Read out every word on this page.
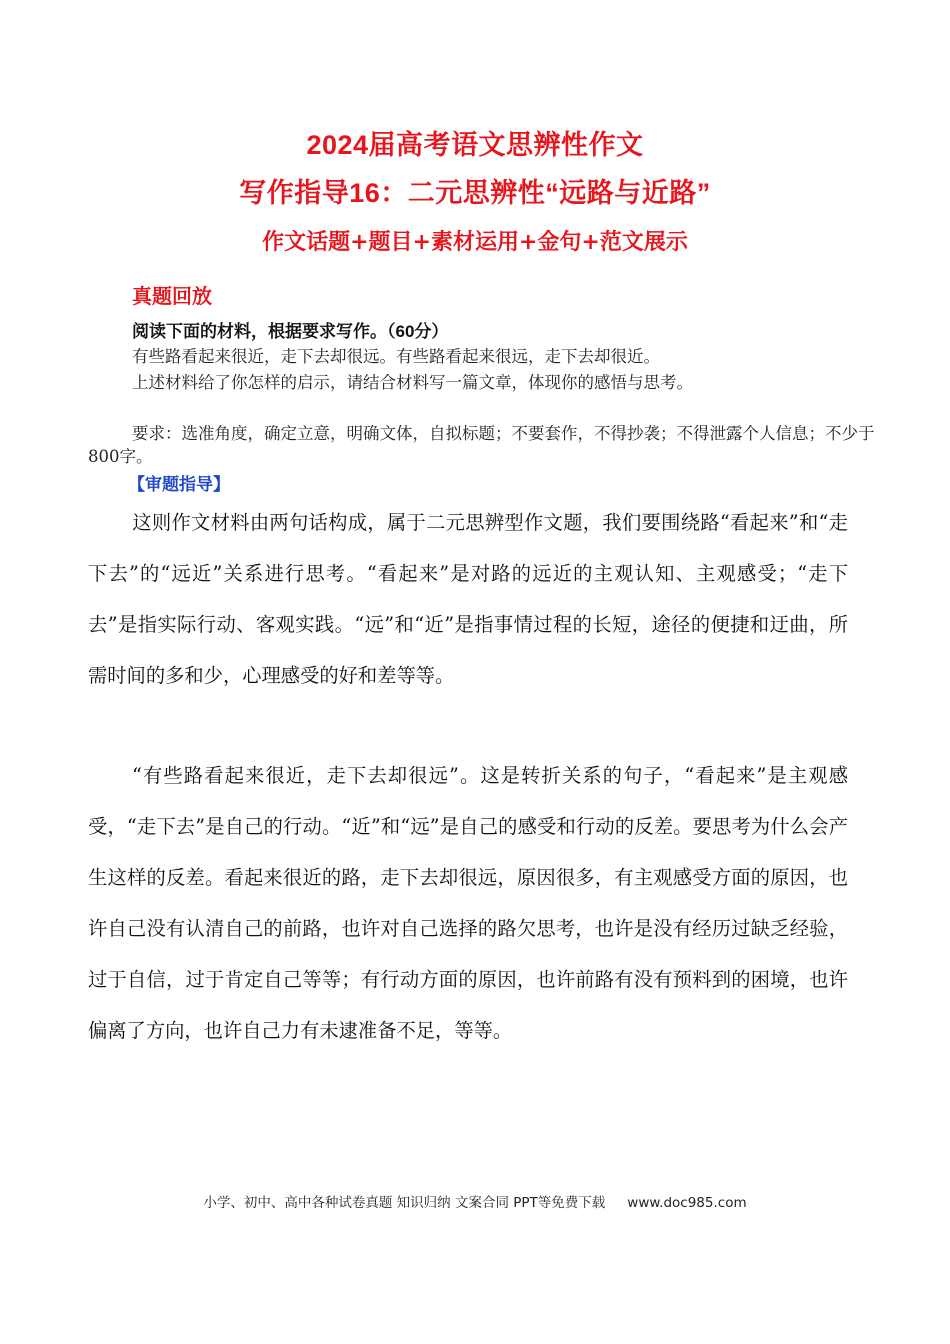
2024届高考语文思辨性作文
写作指导16：二元思辨性“远路与近路”
作文话题+题目+素材运用+金句+范文展示
真题回放
阅读下面的材料，根据要求写作。（60分）
有些路看起来很近，走下去却很远。有些路看起来很远，走下去却很近。
上述材料给了你怎样的启示，请结合材料写一篇文章，体现你的感悟与思考。
要求：选准角度，确定立意，明确文体，自拟标题；不要套作，不得抄袭；不得泄露个人信息；不少于800字。
【审题指导】
这则作文材料由两句话构成，属于二元思辨型作文题，我们要围绕路“看起来”和“走下去”的“远近”关系进行思考。“看起来”是对路的远近的主观认知、主观感受；“走下去”是指实际行动、客观实践。“远”和“近”是指事情过程的长短，途径的便捷和迂曲，所需时间的多和少，心理感受的好和差等等。
“有些路看起来很近，走下去却很远”。这是转折关系的句子，“看起来”是主观感受，“走下去”是自己的行动。“近”和“远”是自己的感受和行动的反差。要思考为什么会产生这样的反差。看起来很近的路，走下去却很远，原因很多，有主观感受方面的原因，也许自己没有认清自己的前路，也许对自己选择的路欠思考，也许是没有经历过缺乏经验，过于自信，过于肯定自己等等；有行动方面的原因，也许前路有没有预料到的困境，也许偏离了方向，也许自己力有未逮准备不足，等等。
小学、初中、高中各种试卷真题 知识归纳 文案合同 PPT等免费下载 www.doc985.com
